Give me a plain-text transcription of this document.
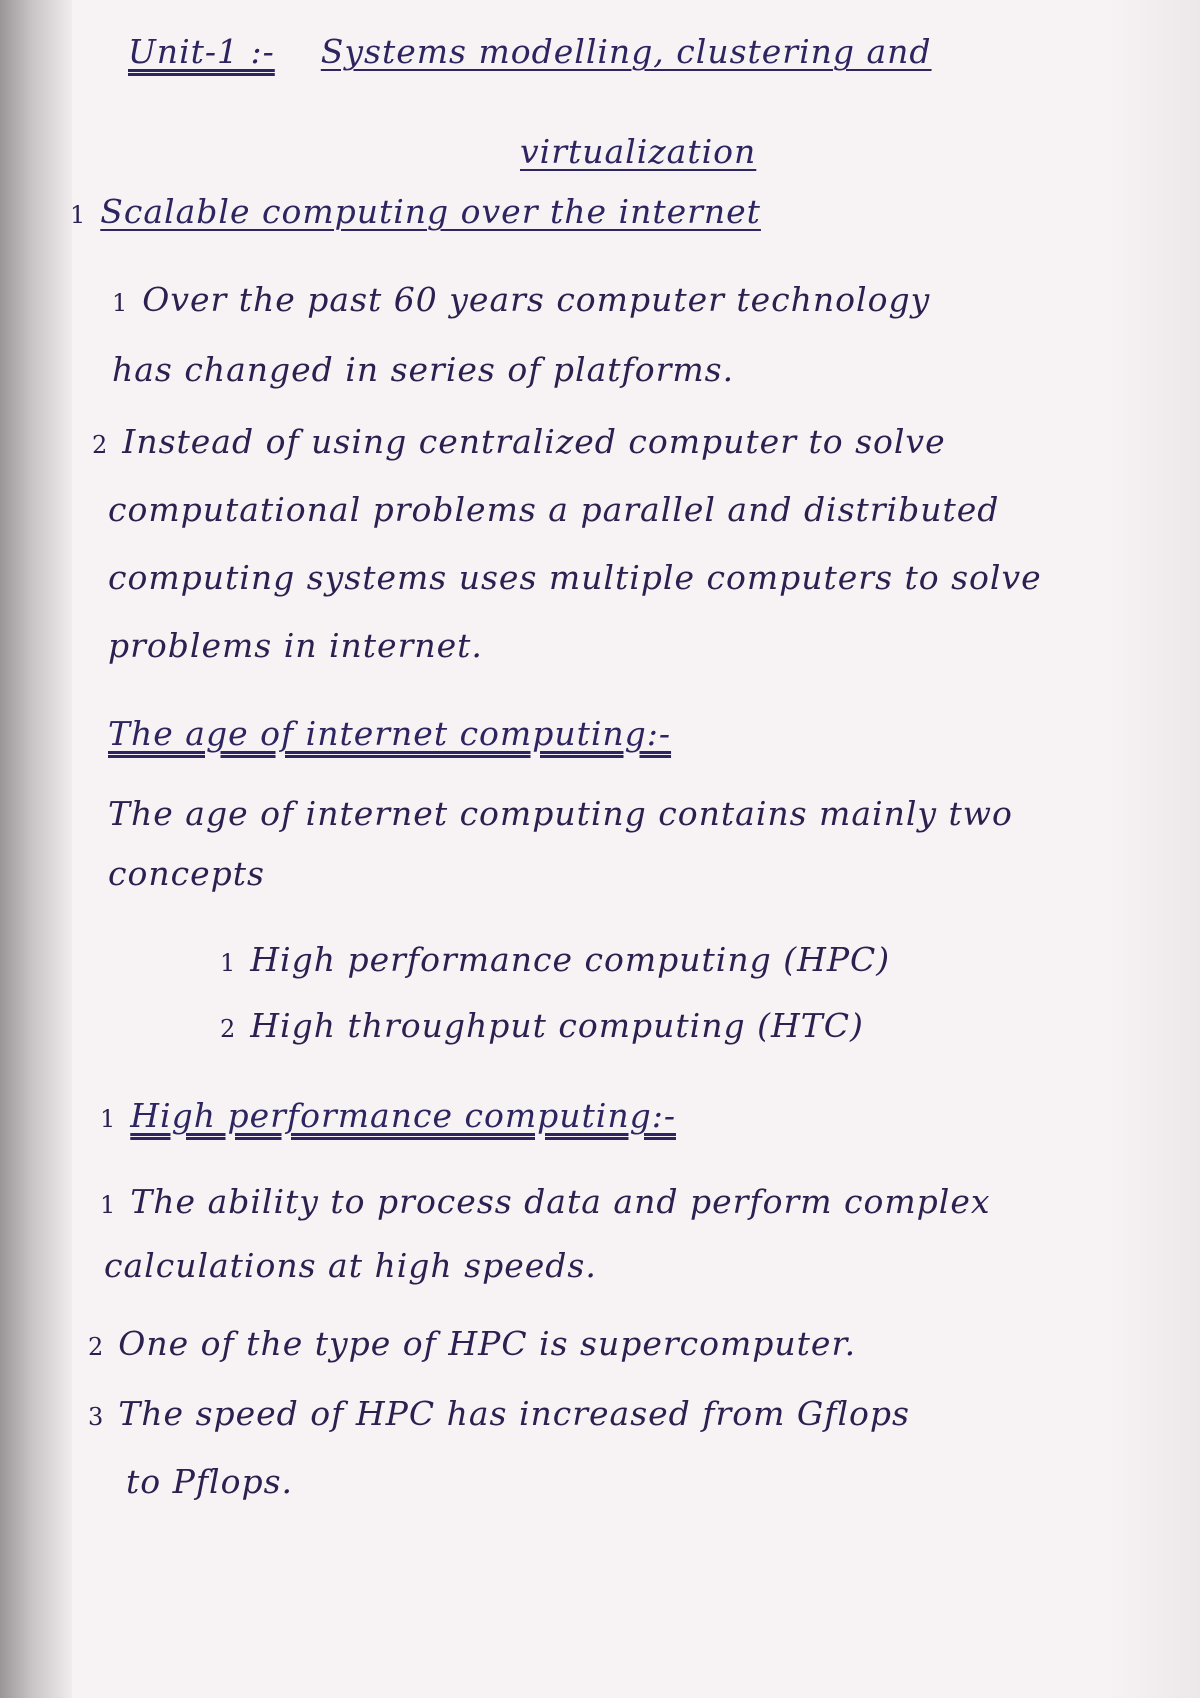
Unit-1 :- Systems modelling, clustering and

virtualization

1 Scalable computing over the internet

1 Over the past 60 years computer technology

has changed in series of platforms.

2 Instead of using centralized computer to solve

computational problems a parallel and distributed

computing systems uses multiple computers to solve

problems in internet.

The age of internet computing:-

The age of internet computing contains mainly two

concepts

1 High performance computing (HPC)

2 High throughput computing (HTC)

1 High performance computing:-

1 The ability to process data and perform complex

calculations at high speeds.

2 One of the type of HPC is supercomputer.

3 The speed of HPC has increased from Gflops

to Pflops.
